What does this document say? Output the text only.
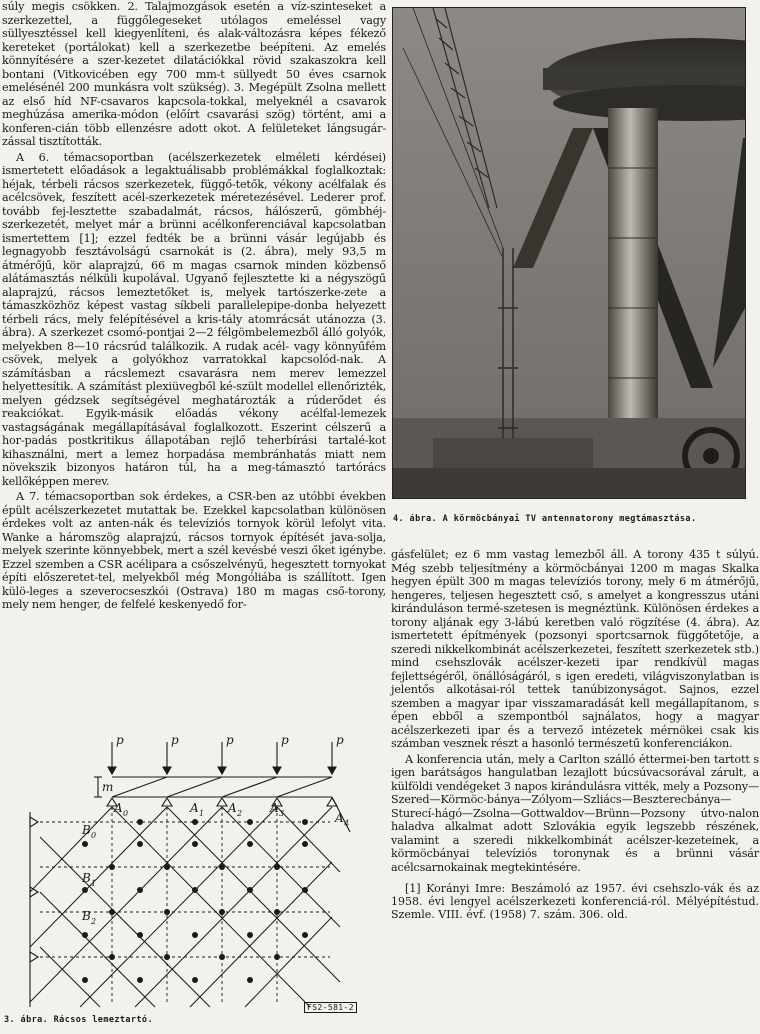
súly megis csökken. 2. Talajmozgások esetén a víz-szinteseket a szerkezettel, a függőlegeseket utólagos emeléssel vagy süllyesztéssel kell kiegyenlíteni, és alak-változásra képes fékező kereteket (portálokat) kell a szerkezetbe beépíteni. Az emelés könnyítésére a szer-kezetet dilatációkkal rövid szakaszokra kell bontani (Vitkovicében egy 700 mm-t süllyedt 50 éves csarnok emelésénél 200 munkásra volt szükség). 3. Megépült Zsolna mellett az első híd NF-csavaros kapcsola-tokkal, melyeknél a csavarok meghúzása amerika-módon (előírt csavarási szög) történt, ami a konferen-cián több ellenzésre adott okot. A felületeket lángsugár-zással tisztították.

A 6. témacsoportban (acélszerkezetek elméleti kérdései) ismertetett előadások a legaktuálisabb problémákkal foglalkoztak: héjak, térbeli rácsos szerkezetek, függő-tetők, vékony acélfalak és acélcsövek, feszített acél-szerkezetek méretezésével. Lederer prof. tovább fej-lesztette szabadalmát, rácsos, hálószerű, gömbhéj-szerkezetét, melyet már a brünni acélkonferenciával kapcsolatban ismertettem [1]; ezzel fedték be a brünni vásár legújabb és legnagyobb fesztávolságú csarnokát is (2. ábra), mely 93,5 m átmérőjű, kör alaprajzú, 66 m magas csarnok minden közbenső alátámasztás nélküli kupolával. Ugyanő fejlesztette ki a négyszögű alaprajzú, rácsos lemeztetőket is, melyek tartószerke-zete a támaszközhöz képest vastag síkbeli parallelepipe-donba helyezett térbeli rács, mely felépítésével a kris-tály atomrácsát utánozza (3. ábra). A szerkezet csomó-pontjai 2—2 félgömbelemezből álló golyók, melyekben 8—10 rácsrúd találkozik. A rudak acél- vagy könnyűfém csövek, melyek a golyókhoz varratokkal kapcsolód-nak. A számításban a rácslemezt csavarásra nem merev lemezzel helyettesítik. A számítást plexiüvegből ké-szült modellel ellenőrizték, melyen gédzsek segítségével meghatározták a rúderődet és reakciókat. Egyik-másik előadás vékony acélfal-lemezek vastagságának megállapításával foglalkozott. Eszerint célszerű a hor-padás postkritikus állapotában rejlő teherbírási tartalé-kot kihasználni, mert a lemez horpadása membránhatás miatt nem növekszik bizonyos határon túl, ha a meg-támasztó tartórács kellőképpen merev.

A 7. témacsoportban sok érdekes, a CSR-ben az utóbbi években épült acélszerkezetet mutattak be. Ezekkel kapcsolatban különösen érdekes volt az anten-nák és televíziós tornyok körül lefolyt vita. Wanke a háromszög alaprajzú, rácsos tornyok építését java-solja, melyek szerinte könnyebbek, mert a szél kevésbé veszi őket igénybe. Ezzel szemben a CSR acélipara a csőszelvényű, hegesztett tornyokat építi előszeretet-tel, melyekből még Mongóliába is szállított. Igen külö-leges a szeverocseszkói (Ostrava) 180 m magas cső-torony, mely nem henger, de felfelé keskenyedő for-

4. ábra. A körmöcbányai TV antennatorony megtámasztása.

gásfelület; ez 6 mm vastag lemezből áll. A torony 435 t súlyú. Még szebb teljesítmény a körmöcbányai 1200 m magas Skalka hegyen épült 300 m magas televíziós torony, mely 6 m átmérőjű, hengeres, teljesen hegesztett cső, s amelyet a kongresszus utáni kiránduláson termé-szetesen is megnéztünk. Különösen érdekes a torony aljának egy 3-lábú keretben való rögzítése (4. ábra). Az ismertetett építmények (pozsonyi sportcsarnok függőtetője, a szeredi nikkelkombinát acélszerkezetei, feszített szerkezetek stb.) mind csehszlovák acélszer-kezeti ipar rendkívül magas fejlettségéről, önállóságáról, s igen eredeti, világviszonylatban is jelentős alkotásai-ról tettek tanúbizonyságot. Sajnos, ezzel szemben a magyar ipar visszamaradását kell megállapítanom, s épen ebből a szempontból sajnálatos, hogy a magyar acélszerkezeti ipar és a tervező intézetek mérnökei csak kis számban vesznek részt a hasonló természetű konferenciákon.

A konferencia után, mely a Carlton szálló éttermei-ben tartott s igen barátságos hangulatban lezajlott búcsúvacsorával zárult, a külföldi vendégeket 3 napos kirándulásra vitték, mely a Pozsony—Szered—Körmöc-bánya—Zólyom—Szliács—Beszterecbánya—Sturecí-hágó—Zsolna—Gottwaldov—Brünn—Pozsony útvo-nalon haladva alkalmat adott Szlovákia egyik legszebb részének, valamint a szeredi nikkelkombinát acélszer-kezeteinek, a körmöcbányai televíziós toronynak és a brünni vásár acélcsarnokainak megtekintésére.

[1] Korányi Imre: Beszámoló az 1957. évi csehszlo-vák és az 1958. évi lengyel acélszerkezeti konferenciá-ról. Mélyépítéstud. Szemle. VIII. évf. (1958) 7. szám. 306. old.

p	p	p	p	p
m
A 0	A 1 A 2 A 3	A 4
B 0
B 1
B 2
3. ábra. Rácsos lemeztartó.
FS2-581-2
